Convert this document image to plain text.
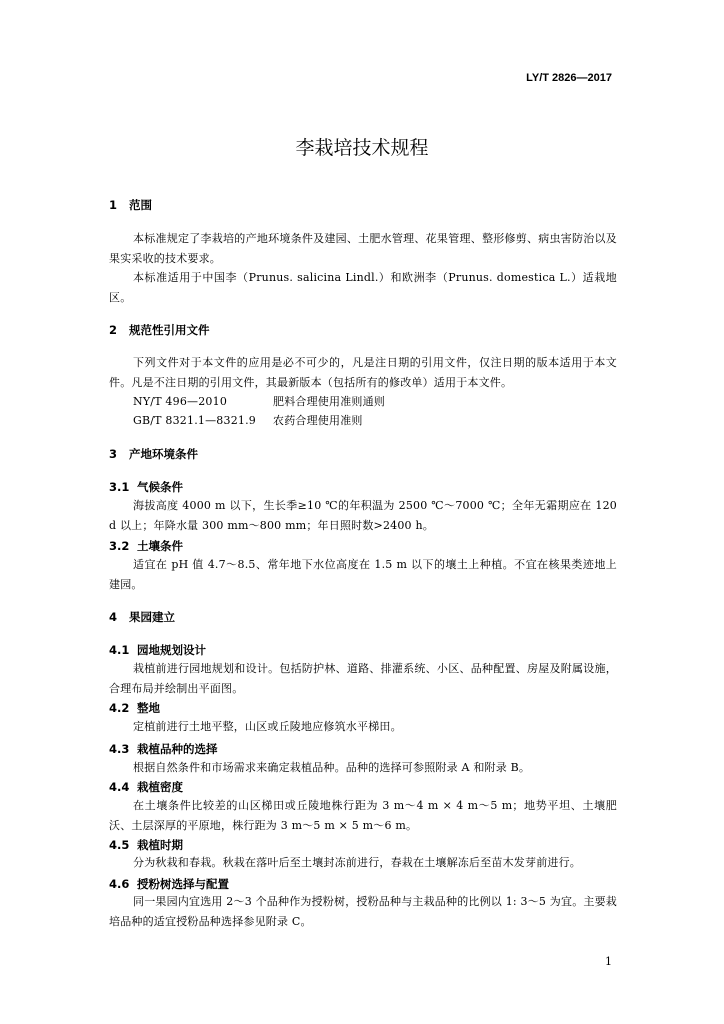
LY/T 2826—2017
李栽培技术规程
1 范围
本标准规定了李栽培的产地环境条件及建园、土肥水管理、花果管理、整形修剪、病虫害防治以及果实采收的技术要求。
本标准适用于中国李（Prunus. salicina Lindl.）和欧洲李（Prunus. domestica L.）适栽地区。
2 规范性引用文件
下列文件对于本文件的应用是必不可少的，凡是注日期的引用文件，仅注日期的版本适用于本文件。凡是不注日期的引用文件，其最新版本（包括所有的修改单）适用于本文件。
NY/T 496—2010	肥料合理使用准则通则
GB/T 8321.1—8321.9 农药合理使用准则
3 产地环境条件
3.1 气候条件
海拔高度 4000 m 以下，生长季≥10 ℃的年积温为 2500 ℃～7000 ℃；全年无霜期应在 120 d 以上；年降水量 300 mm～800 mm；年日照时数>2400 h。
3.2 土壤条件
适宜在 pH 值 4.7～8.5、常年地下水位高度在 1.5 m 以下的壤土上种植。不宜在核果类迹地上建园。
4 果园建立
4.1 园地规划设计
栽植前进行园地规划和设计。包括防护林、道路、排灌系统、小区、品种配置、房屋及附属设施，合理布局并绘制出平面图。
4.2 整地
定植前进行土地平整，山区或丘陵地应修筑水平梯田。
4.3 栽植品种的选择
根据自然条件和市场需求来确定栽植品种。品种的选择可参照附录 A 和附录 B。
4.4 栽植密度
在土壤条件比较差的山区梯田或丘陵地株行距为 3 m～4 m × 4 m～5 m；地势平坦、土壤肥沃、土层深厚的平原地，株行距为 3 m～5 m × 5 m～6 m。
4.5 栽植时期
分为秋栽和春栽。秋栽在落叶后至土壤封冻前进行，春栽在土壤解冻后至苗木发芽前进行。
4.6 授粉树选择与配置
同一果园内宜选用 2～3 个品种作为授粉树，授粉品种与主栽品种的比例以 1: 3～5 为宜。主要栽培品种的适宜授粉品种选择参见附录 C。
1
